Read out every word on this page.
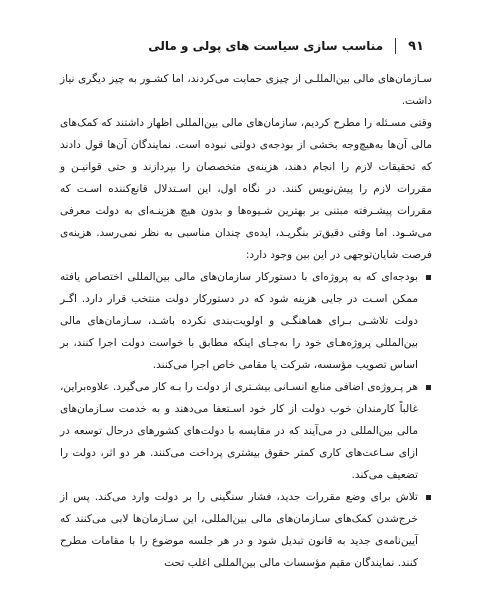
۹۱
مناسب سازی سیاست های پولی و مالی

سـازمان‌های مالی بین‌المللـی از چیزی حمایت می‌کردند، اما کشـور به چیز دیگری نیاز داشت.

وقتی مسـئله را مطرح کردیم، سازمان‌های مالی بین‌المللی اظهار داشتند که کمک‌های مالی آن‌ها به‌هیچ‌وجه بخشی از بودجه‌ی دولتی نبوده است. نمایندگان آن‌ها قول دادند که تحقیقات لازم را انجام دهند، هزینه‌ی متخصصان را بپردازند و حتی قوانیـن و مقررات لازم را پیش‌نویس کنند. در نگاه اول، این اسـتدلال قانع‌کننده اسـت که مقررات پیشـرفته مبتنی بر بهترین شـیوه‌ها و بدون هیچ هزینـه‌ای به دولت معرفی می‌شـود. اما وقتی دقیق‌تر بنگریـد، ایده‌ی چندان مناسبی به نظر نمی‌رسد. هزینه‌ی فرصت شایان‌توجهی در این بین وجود دارد:

بودجه‌ای که به پروژه‌ای با دستورکار سازمان‌های مالی بین‌المللی اختصاص یافته ممکن اسـت در جایی هزینه شود که در دستورکار دولت منتخب قرار دارد. اگـر دولت تلاشـی بـرای هماهنگـی و اولویت‌بندی نکرده باشـد، سـازمان‌های مالی بین‌المللی پروژه‌هـای خود را به‌جـای اینکه مطابق با خواست دولت اجرا کنند، بر اساس تصویب مؤسسه، شرکت یا مقامی خاص اجرا می‌کنند.
هر پـروژه‌ی اضافی منابع انسـانی بیشـتری از دولت را بـه کار می‌گیرد. علاوه‌براین، غالباً کارمندان خوب دولت از کار خود اسـتعفا می‌دهند و به خدمت سـازمان‌های مالی بین‌المللی در می‌آیند که در مقایسه با دولت‌های کشورهای درحال توسعه در ازای سـاعت‌های کاری کمتر حقوق بیشتری پرداخت می‌کنند. هر دو اثر، دولت را تضعیف می‌کند.
تلاش برای وضع مقررات جدید، فشار سنگینی را بر دولت وارد می‌کند. پس از خرج‌شدن کمک‌های سـازمان‌های مالی بین‌المللی، این سـازمان‌ها لابی می‌کنند که آیین‌نامه‌ی جدید به قانون تبدیل شود و در هر جلسه موضوع را با مقامات مطرح کنند. نمایندگان مقیم مؤسسات مالی بین‌المللی اغلب تحت
